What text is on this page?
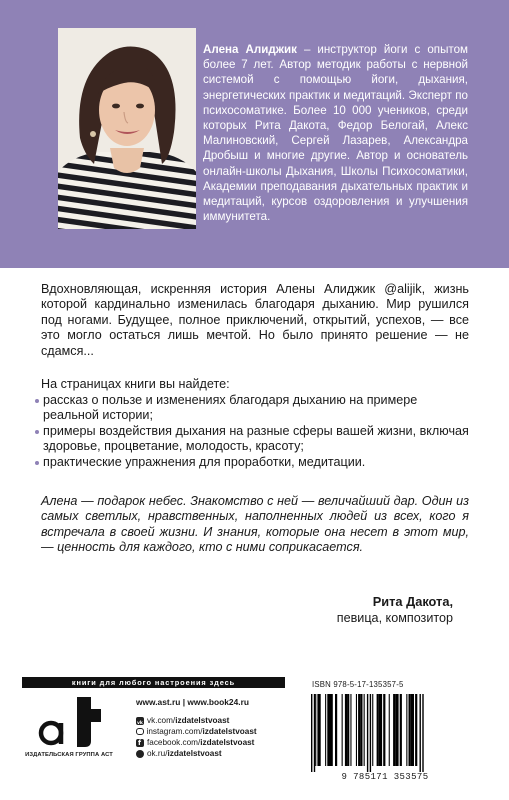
Алена Алиджик – инструктор йоги с опытом более 7 лет. Автор методик работы с нервной системой с помощью йоги, дыхания, энергетических практик и медитаций. Эксперт по психосоматике. Более 10 000 учеников, среди которых Рита Дакота, Федор Белогай, Алекс Малиновский, Сергей Лазарев, Александра Дробыш и многие другие. Автор и основатель онлайн-школы Дыхания, Школы Психосоматики, Академии преподавания дыхательных практик и медитаций, курсов оздоровления и улучшения иммунитета.
Вдохновляющая, искренняя история Алены Алиджик @alijik, жизнь которой кардинально изменилась благодаря дыханию. Мир рушился под ногами. Будущее, полное приключений, открытий, успехов, — все это могло остаться лишь мечтой. Но было принято решение — не сдамся...
На страницах книги вы найдете:
рассказ о пользе и изменениях благодаря дыханию на примере реальной истории;
примеры воздействия дыхания на разные сферы вашей жизни, включая здоровье, процветание, молодость, красоту;
практические упражнения для проработки, медитации.
Алена — подарок небес. Знакомство с ней — величайший дар. Один из самых светлых, нравственных, наполненных людей из всех, кого я встречала в своей жизни. И знания, которые она несет в этот мир, — ценность для каждого, кто с ними соприкасается.
Рита Дакота,
певица, композитор
книги для любого настроения здесь
ИЗДАТЕЛЬСКАЯ ГРУППА АСТ
www.ast.ru | www.book24.ru
vk
vk.com/ izdatelstvoast
instagram.com/ izdatelstvoast
f
facebook.com/ izdatelstvoast
ok.ru/ izdatelstvoast
ISBN 978-5-17-135357-5
9 785171 353575
